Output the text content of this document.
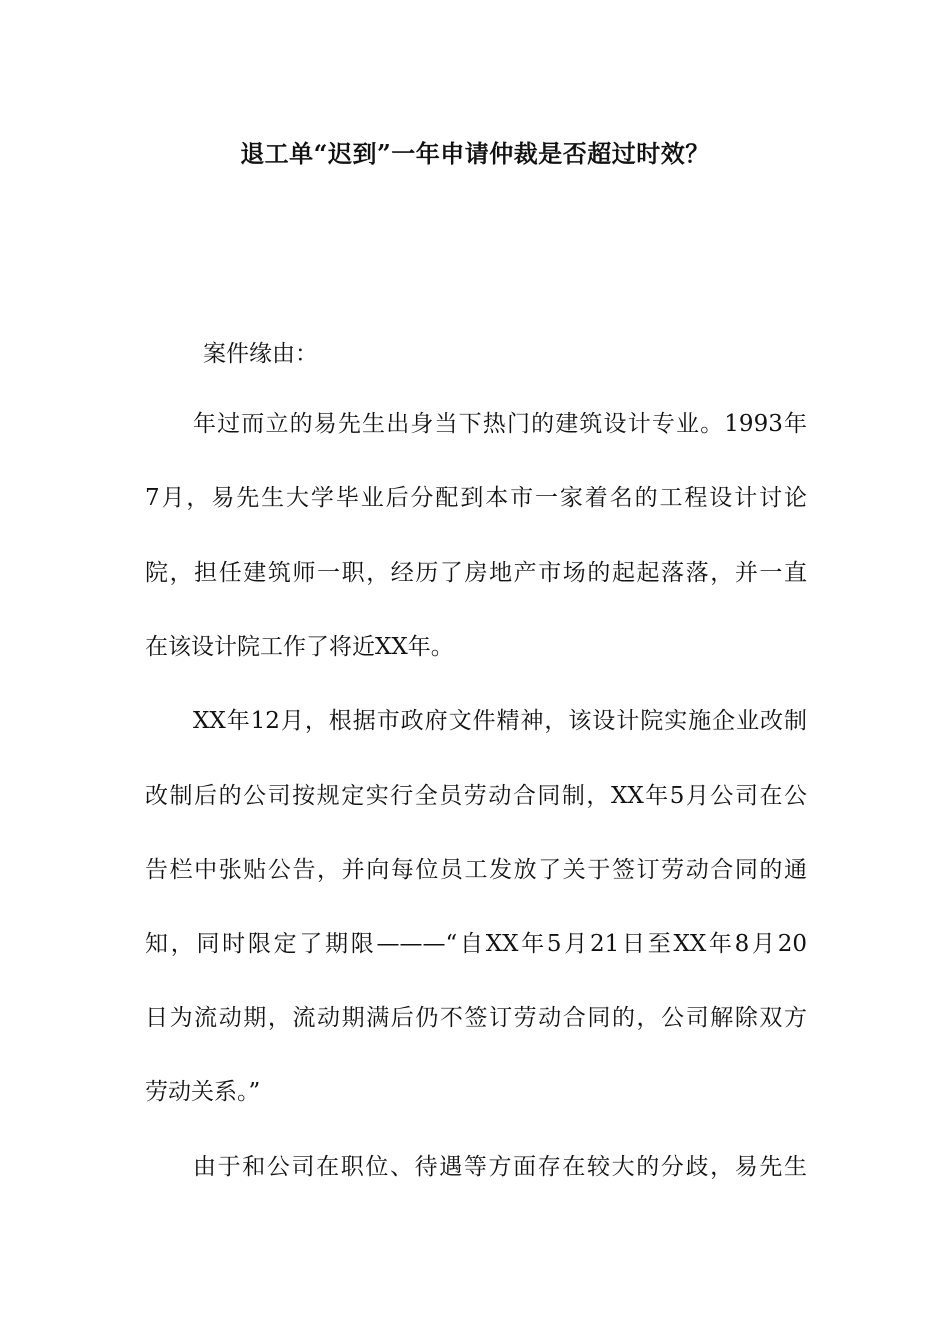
退工单“迟到”一年申请仲裁是否超过时效？
案件缘由：
年过而立的易先生出身当下热门的建筑设计专业。1993年
7月，易先生大学毕业后分配到本市一家着名的工程设计讨论
院，担任建筑师一职，经历了房地产市场的起起落落，并一直
在该设计院工作了将近XX年。
XX年12月，根据市政府文件精神，该设计院实施企业改制
改制后的公司按规定实行全员劳动合同制，XX年5月公司在公
告栏中张贴公告，并向每位员工发放了关于签订劳动合同的通
知，同时限定了期限———“自XX年5月21日至XX年8月20
日为流动期，流动期满后仍不签订劳动合同的，公司解除双方
劳动关系。”
由于和公司在职位、待遇等方面存在较大的分歧，易先生
